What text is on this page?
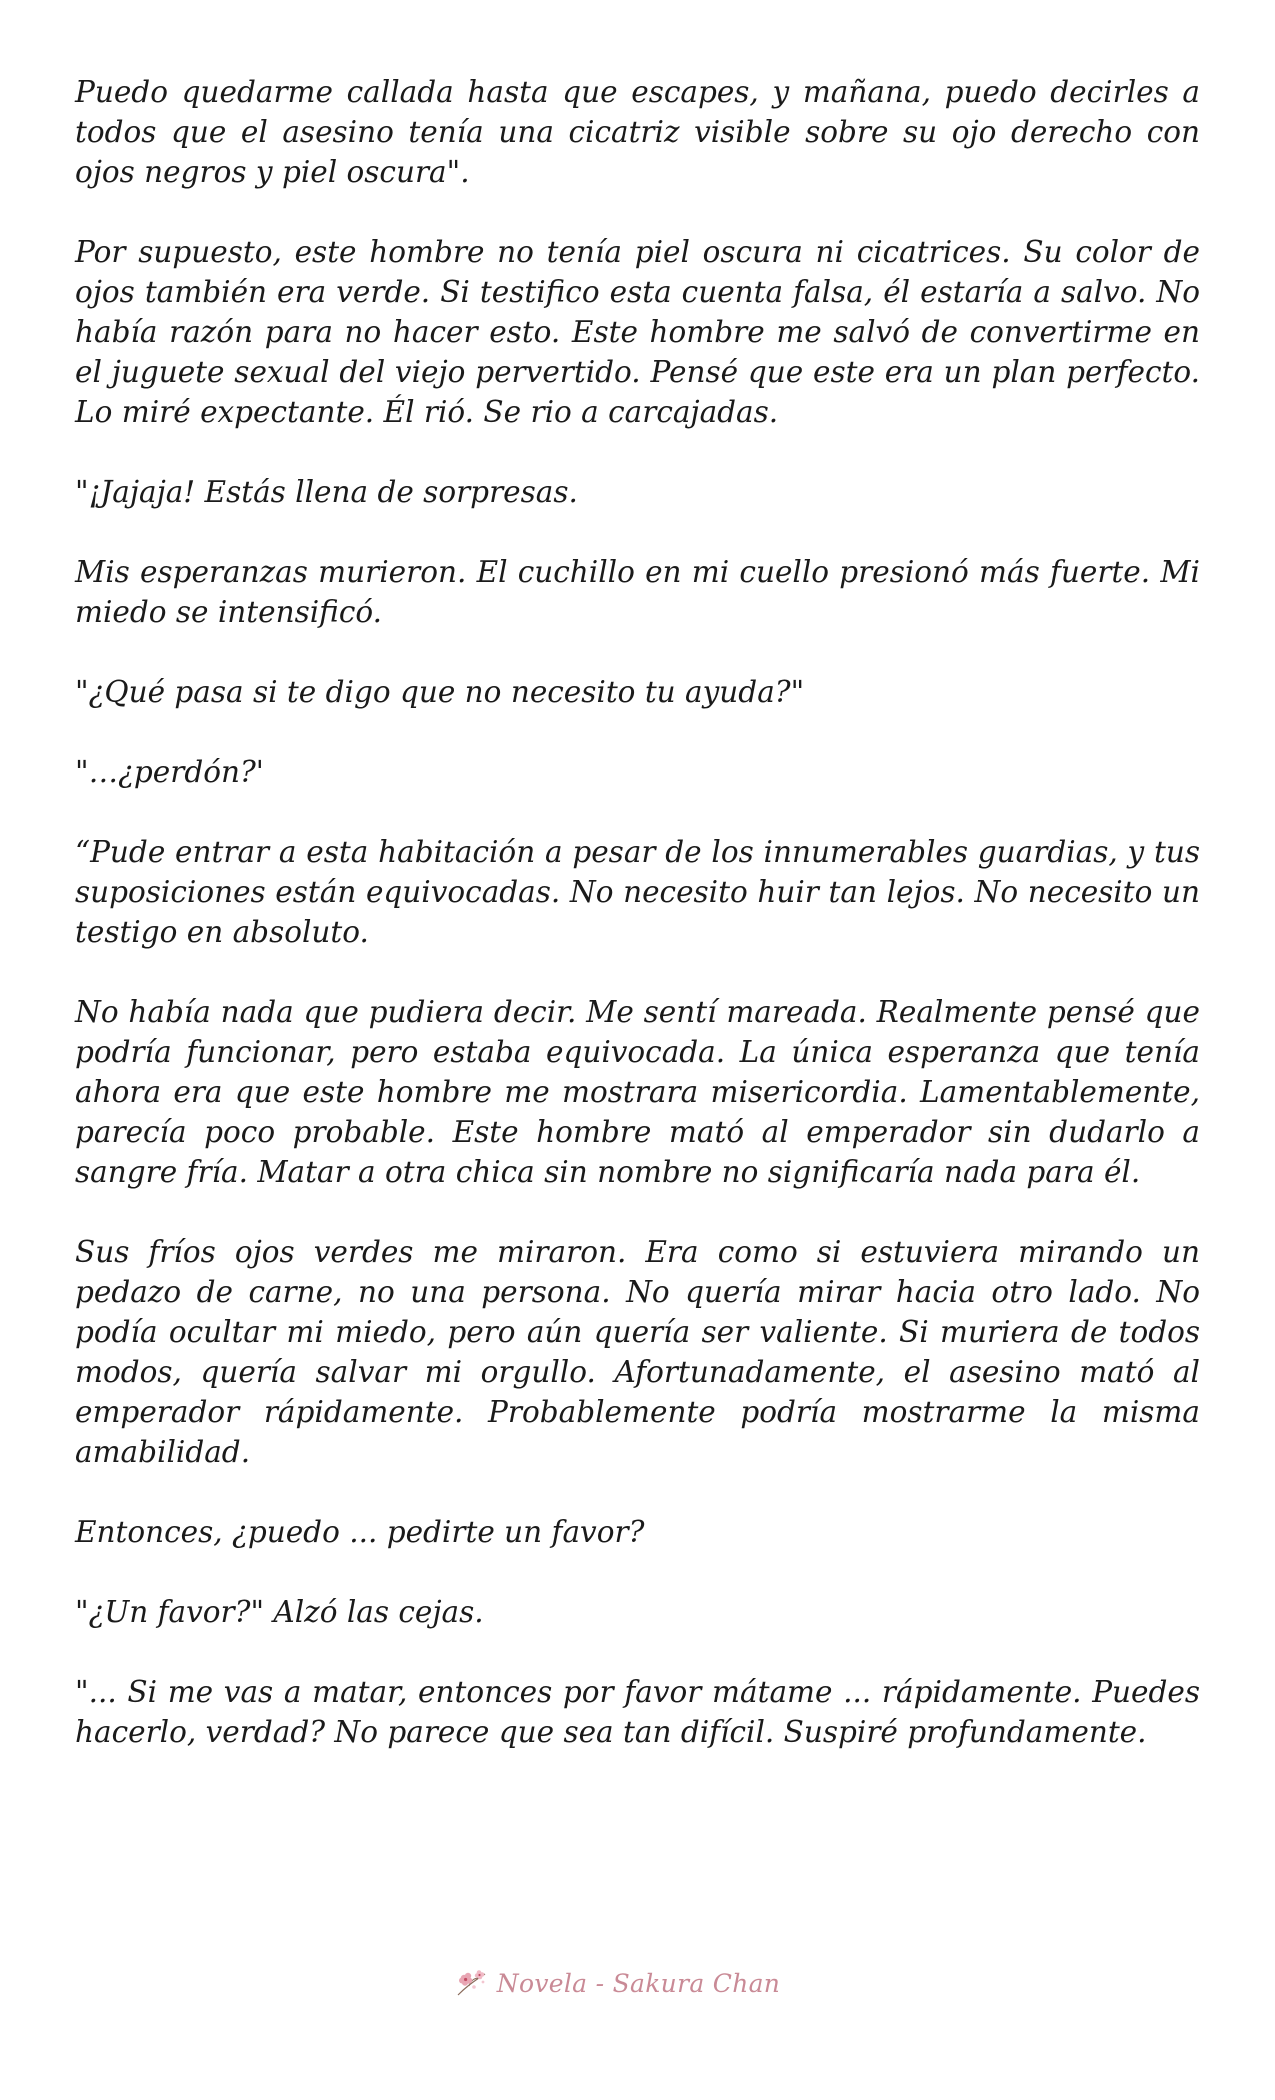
Puedo quedarme callada hasta que escapes, y mañana, puedo decirles a todos que el asesino tenía una cicatriz visible sobre su ojo derecho con ojos negros y piel oscura".

Por supuesto, este hombre no tenía piel oscura ni cicatrices. Su color de ojos también era verde. Si testifico esta cuenta falsa, él estaría a salvo. No había razón para no hacer esto. Este hombre me salvó de convertirme en el juguete sexual del viejo pervertido. Pensé que este era un plan perfecto. Lo miré expectante. Él rió. Se rio a carcajadas.

"¡Jajaja! Estás llena de sorpresas.

Mis esperanzas murieron. El cuchillo en mi cuello presionó más fuerte. Mi miedo se intensificó.

"¿Qué pasa si te digo que no necesito tu ayuda?"

"…¿perdón?'

“Pude entrar a esta habitación a pesar de los innumerables guardias, y tus suposiciones están equivocadas. No necesito huir tan lejos. No necesito un testigo en absoluto.

No había nada que pudiera decir. Me sentí mareada. Realmente pensé que podría funcionar, pero estaba equivocada. La única esperanza que tenía ahora era que este hombre me mostrara misericordia. Lamentablemente, parecía poco probable. Este hombre mató al emperador sin dudarlo a sangre fría. Matar a otra chica sin nombre no significaría nada para él.

Sus fríos ojos verdes me miraron. Era como si estuviera mirando un pedazo de carne, no una persona. No quería mirar hacia otro lado. No podía ocultar mi miedo, pero aún quería ser valiente. Si muriera de todos modos, quería salvar mi orgullo. Afortunadamente, el asesino mató al emperador rápidamente. Probablemente podría mostrarme la misma amabilidad.

Entonces, ¿puedo ... pedirte un favor?

"¿Un favor?" Alzó las cejas.

"... Si me vas a matar, entonces por favor mátame ... rápidamente. Puedes hacerlo, verdad? No parece que sea tan difícil. Suspiré profundamente.

Novela - Sakura Chan
